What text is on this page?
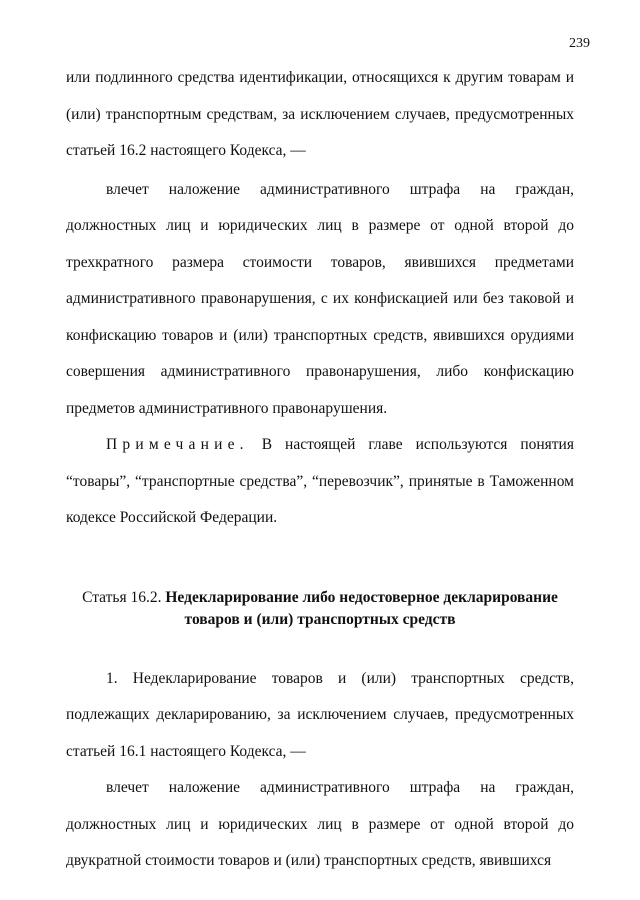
239

или подлинного средства идентификации, относящихся к другим товарам и (или) транспортным средствам, за исключением случаев, предусмотренных статьей 16.2 настоящего Кодекса, —

влечет наложение административного штрафа на граждан, должностных лиц и юридических лиц в размере от одной второй до трехкратного размера стоимости товаров, явившихся предметами административного правонарушения, с их конфискацией или без таковой и конфискацию товаров и (или) транспортных средств, явившихся орудиями совершения административного правонарушения, либо конфискацию предметов административного правонарушения.

Примечание. В настоящей главе используются понятия “товары”, “транспортные средства”, “перевозчик”, принятые в Таможенном кодексе Российской Федерации.

Статья 16.2. Недекларирование либо недостоверное декларирование товаров и (или) транспортных средств

1. Недекларирование товаров и (или) транспортных средств, подлежащих декларированию, за исключением случаев, предусмотренных статьей 16.1 настоящего Кодекса, —

влечет наложение административного штрафа на граждан, должностных лиц и юридических лиц в размере от одной второй до двукратной стоимости товаров и (или) транспортных средств, явившихся
